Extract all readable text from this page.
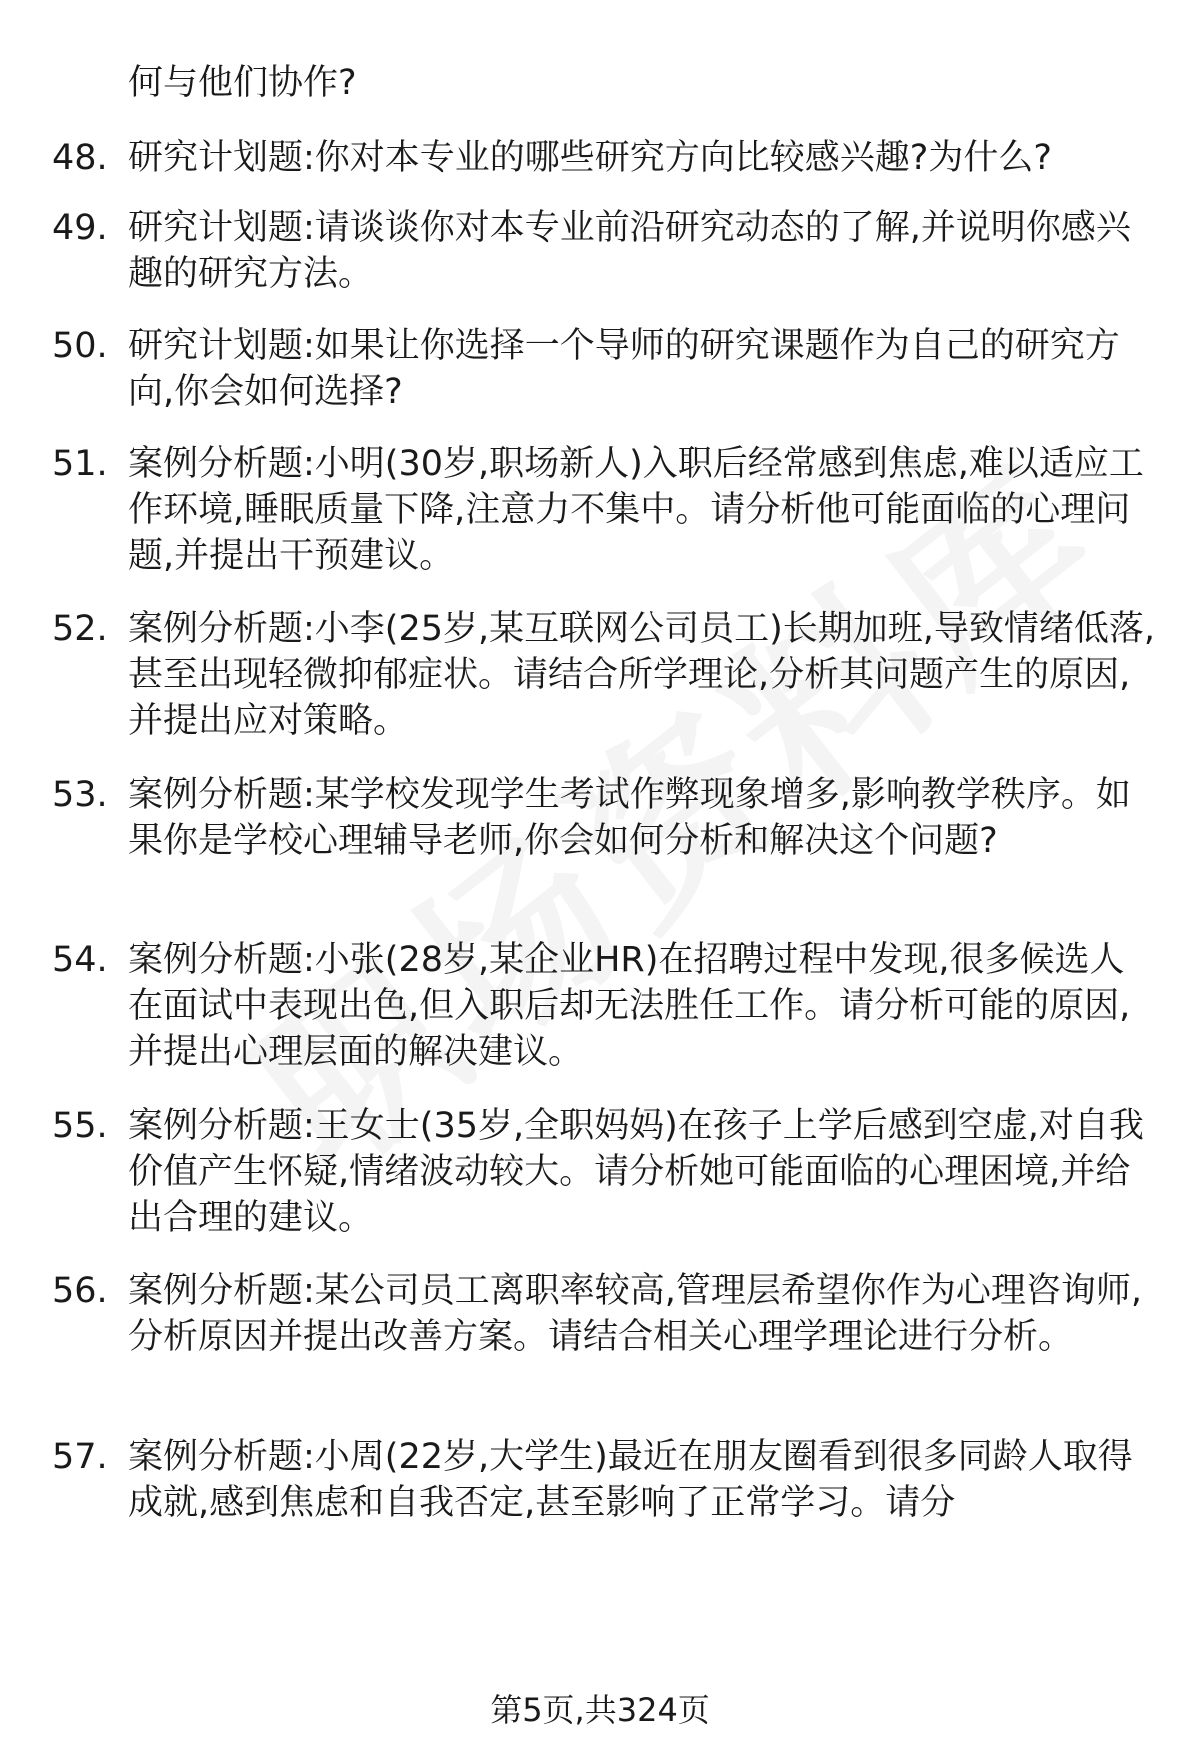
何与他们协作?
48. 研究计划题:你对本专业的哪些研究方向比较感兴趣?为什么?
49. 研究计划题:请谈谈你对本专业前沿研究动态的了解,并说明你感兴趣的研究方法。
50. 研究计划题:如果让你选择一个导师的研究课题作为自己的研究方向,你会如何选择?
51. 案例分析题:小明(30岁,职场新人)入职后经常感到焦虑,难以适应工作环境,睡眠质量下降,注意力不集中。请分析他可能面临的心理问题,并提出干预建议。
52. 案例分析题:小李(25岁,某互联网公司员工)长期加班,导致情绪低落,甚至出现轻微抑郁症状。请结合所学理论,分析其问题产生的原因,并提出应对策略。
53. 案例分析题:某学校发现学生考试作弊现象增多,影响教学秩序。如果你是学校心理辅导老师,你会如何分析和解决这个问题?
54. 案例分析题:小张(28岁,某企业HR)在招聘过程中发现,很多候选人在面试中表现出色,但入职后却无法胜任工作。请分析可能的原因,并提出心理层面的解决建议。
55. 案例分析题:王女士(35岁,全职妈妈)在孩子上学后感到空虚,对自我价值产生怀疑,情绪波动较大。请分析她可能面临的心理困境,并给出合理的建议。
56. 案例分析题:某公司员工离职率较高,管理层希望你作为心理咨询师,分析原因并提出改善方案。请结合相关心理学理论进行分析。
57. 案例分析题:小周(22岁,大学生)最近在朋友圈看到很多同龄人取得成就,感到焦虑和自我否定,甚至影响了正常学习。请分
第5页,共324页
